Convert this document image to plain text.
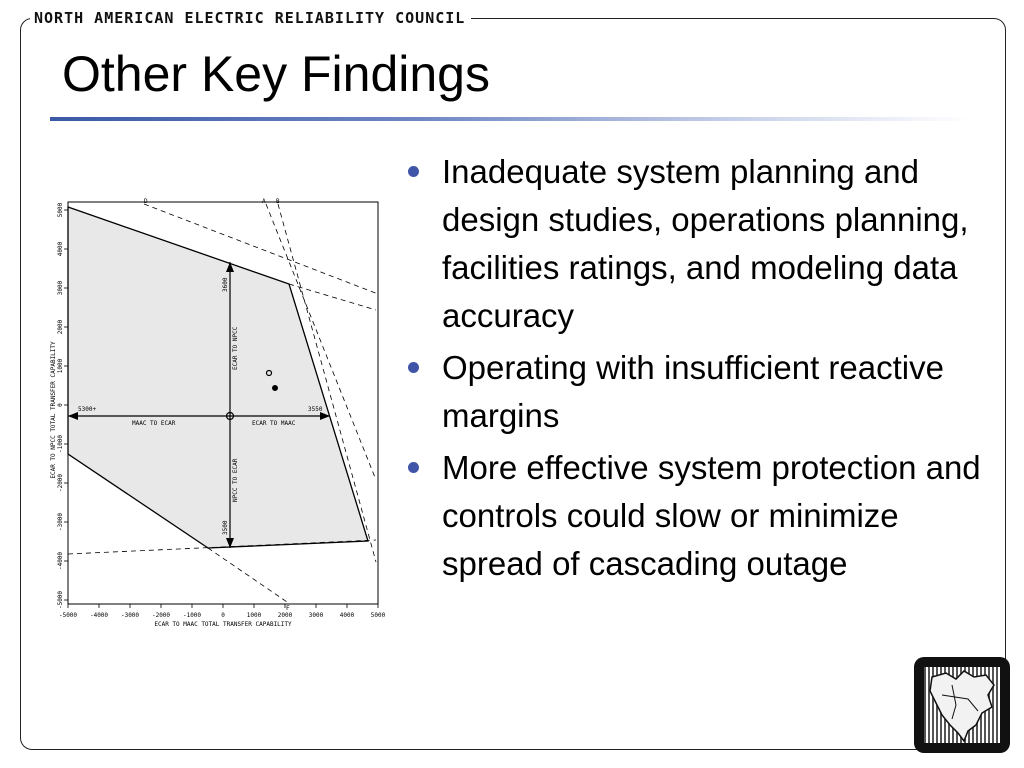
NORTH AMERICAN ELECTRIC RELIABILITY COUNCIL
Other Key Findings
5300+	3550
MAAC TO ECAR	ECAR TO MAAC
3600
ECAR TO NPCC
NPCC TO ECAR
3500
D	A B
F
-5000 -4000 -3000 -2000 -1000	0	1000	2000	3000	4000	5000
5000
4000
3000
2000
1000
0
-1000
-2000
-3000
-4000
-5000
ECAR TO MAAC TOTAL TRANSFER CAPABILITY
ECAR TO NPCC TOTAL TRANSFER CAPABILITY
Inadequate system planning and design studies, operations planning, facilities ratings, and modeling data accuracy
Operating with insufficient reactive margins
More effective system protection and controls could slow or minimize spread of cascading outage
